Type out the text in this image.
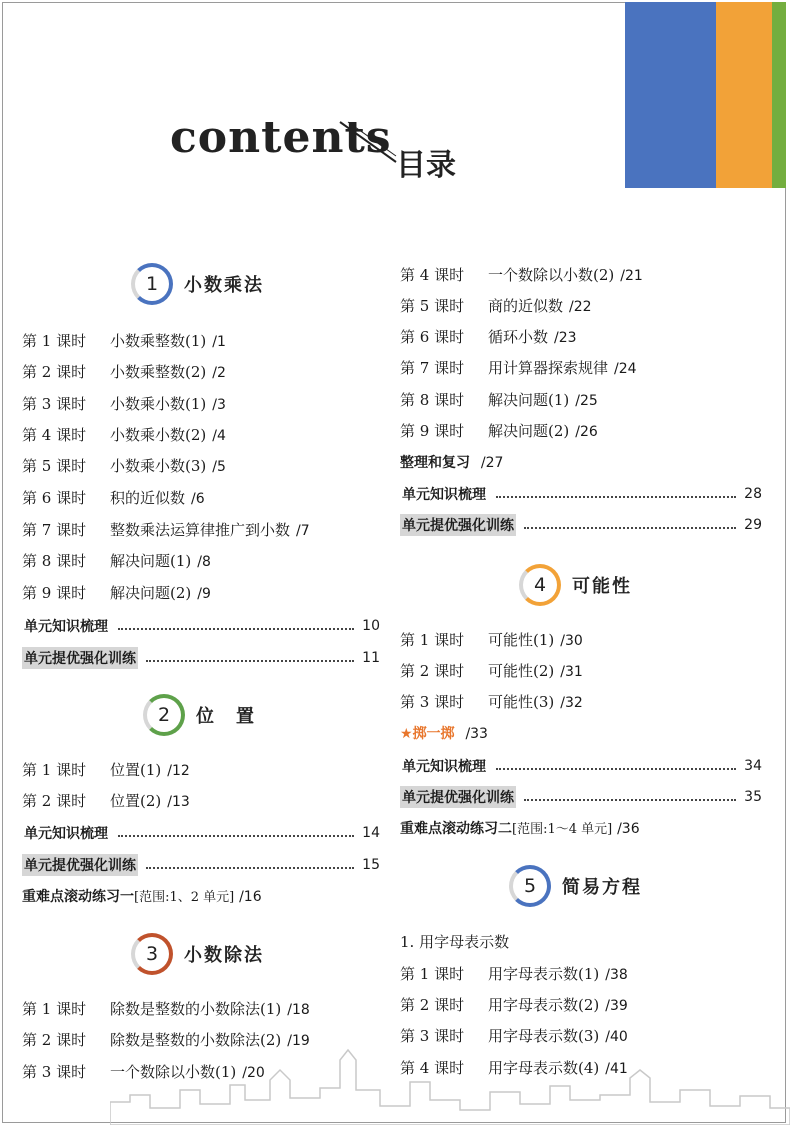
contents
目录
1 小数乘法
第 1 课时 小数乘整数(1) /1
第 2 课时 小数乘整数(2) /2
第 3 课时 小数乘小数(1) /3
第 4 课时 小数乘小数(2) /4
第 5 课时 小数乘小数(3) /5
第 6 课时 积的近似数 /6
第 7 课时 整数乘法运算律推广到小数 /7
第 8 课时 解决问题(1) /8
第 9 课时 解决问题(2) /9
单元知识梳理	10
单元提优强化训练	11
2 位　置
第 1 课时 位置(1) /12
第 2 课时 位置(2) /13
单元知识梳理	14
单元提优强化训练	15
重难点滚动练习一[范围:1、2 单元] /16
3 小数除法
第 1 课时 除数是整数的小数除法(1) /18
第 2 课时 除数是整数的小数除法(2) /19
第 3 课时 一个数除以小数(1) /20
第 4 课时 一个数除以小数(2) /21
第 5 课时 商的近似数 /22
第 6 课时 循环小数 /23
第 7 课时 用计算器探索规律 /24
第 8 课时 解决问题(1) /25
第 9 课时 解决问题(2) /26
整理和复习 /27
单元知识梳理	28
单元提优强化训练	29
4 可能性
第 1 课时 可能性(1) /30
第 2 课时 可能性(2) /31
第 3 课时 可能性(3) /32
★掷一掷 /33
单元知识梳理	34
单元提优强化训练	35
重难点滚动练习二[范围:1～4 单元] /36
5 简易方程
1. 用字母表示数
第 1 课时 用字母表示数(1) /38
第 2 课时 用字母表示数(2) /39
第 3 课时 用字母表示数(3) /40
第 4 课时 用字母表示数(4) /41
